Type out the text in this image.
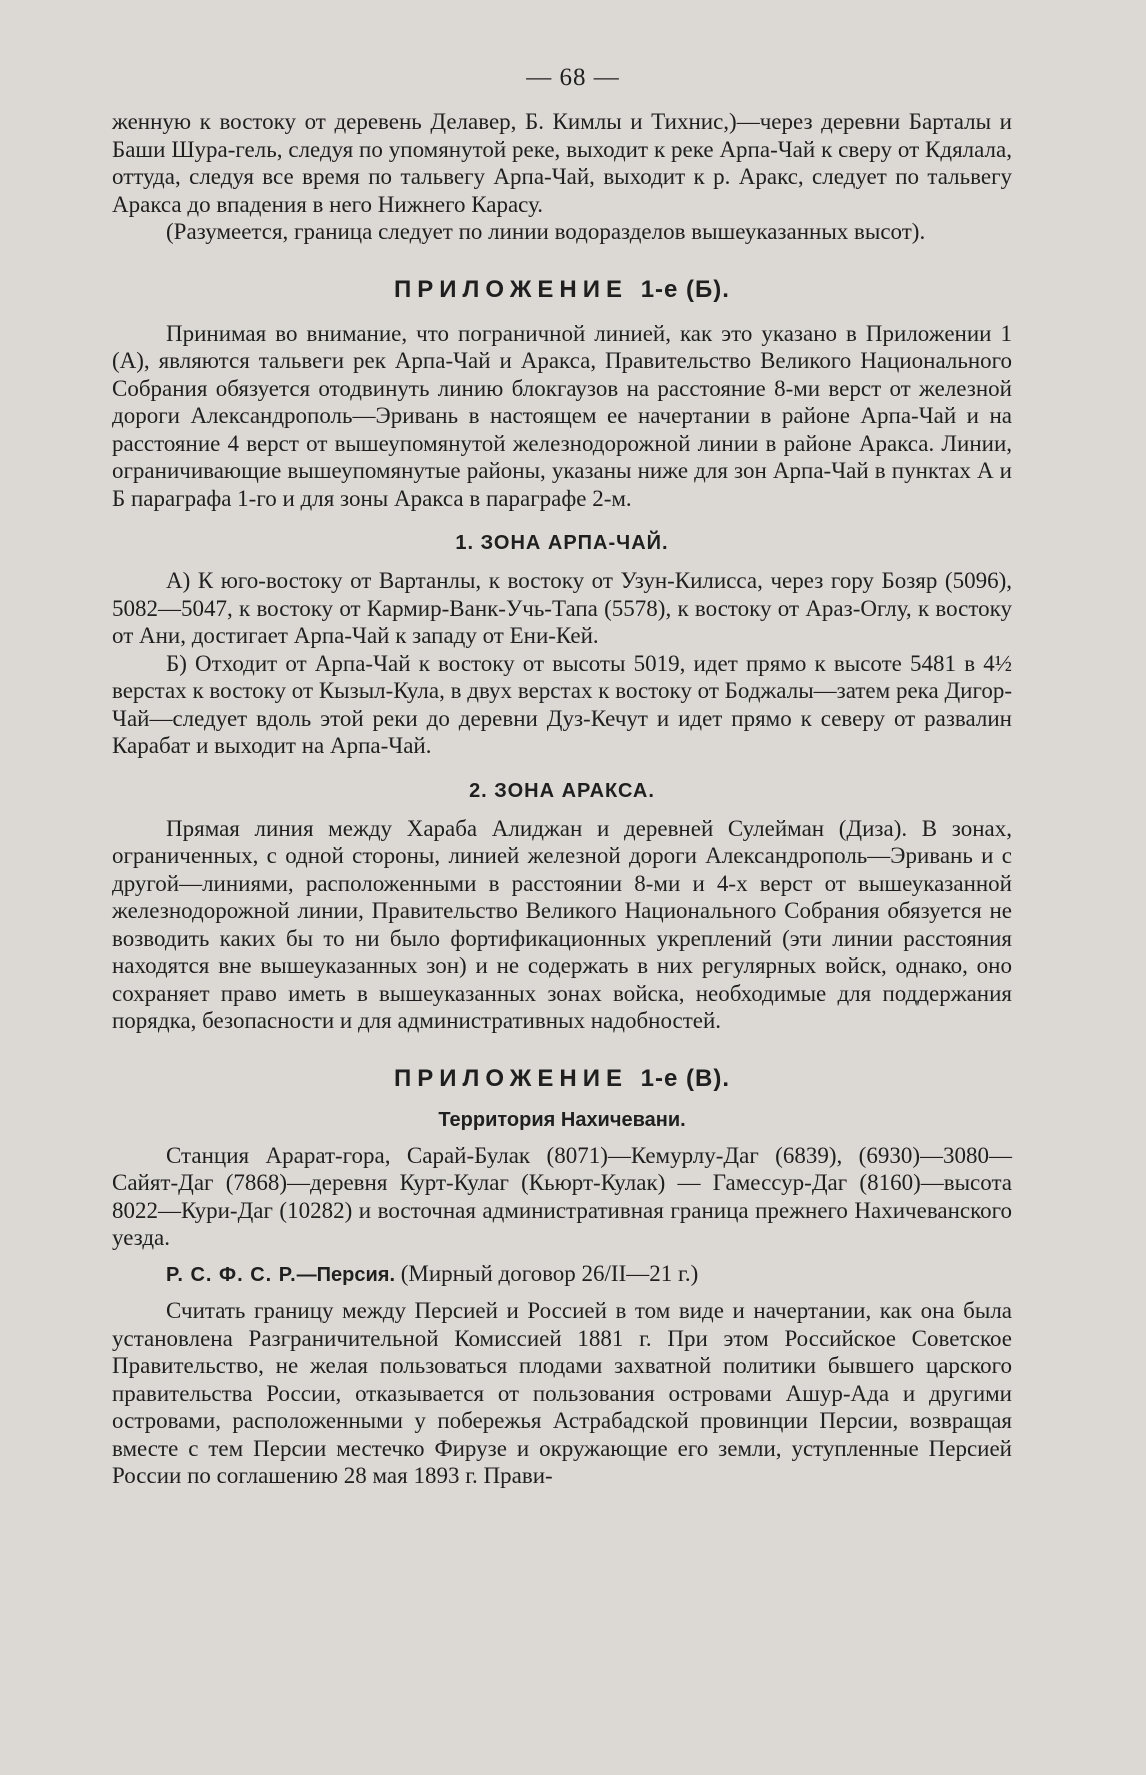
— 68 —

женную к востоку от деревень Делавер, Б. Кимлы и Тихнис,)—через деревни Барталы и Баши Шура-гель, следуя по упомянутой реке, выходит к реке Арпа-Чай к сверу от Кдялала, оттуда, следуя все время по тальвегу Арпа-Чай, выходит к р. Аракс, следует по тальвегу Аракса до впадения в него Нижнего Карасу.

(Разумеется, граница следует по линии водоразделов вышеуказанных высот).

ПРИЛОЖЕНИЕ 1-е (Б).

Принимая во внимание, что пограничной линией, как это указано в Приложении 1 (А), являются тальвеги рек Арпа-Чай и Аракса, Правительство Великого Национального Собрания обязуется отодвинуть линию блокгаузов на расстояние 8-ми верст от железной дороги Александрополь—Эривань в настоящем ее начертании в районе Арпа-Чай и на расстояние 4 верст от вышеупомянутой железнодорожной линии в районе Аракса. Линии, ограничивающие вышеупомянутые районы, указаны ниже для зон Арпа-Чай в пунктах А и Б параграфа 1-го и для зоны Аракса в параграфе 2-м.

1. ЗОНА АРПА-ЧАЙ.

А) К юго-востоку от Вартанлы, к востоку от Узун-Килисса, через гору Бозяр (5096), 5082—5047, к востоку от Кармир-Ванк-Учь-Тапа (5578), к востоку от Араз-Оглу, к востоку от Ани, достигает Арпа-Чай к западу от Ени-Кей.

Б) Отходит от Арпа-Чай к востоку от высоты 5019, идет прямо к высоте 5481 в 4½ верстах к востоку от Кызыл-Кула, в двух верстах к востоку от Боджалы—затем река Дигор-Чай—следует вдоль этой реки до деревни Дуз-Кечут и идет прямо к северу от развалин Карабат и выходит на Арпа-Чай.

2. ЗОНА АРАКСА.

Прямая линия между Хараба Алиджан и деревней Сулейман (Диза). В зонах, ограниченных, с одной стороны, линией железной дороги Александрополь—Эривань и с другой—линиями, расположенными в расстоянии 8-ми и 4-х верст от вышеуказанной железнодорожной линии, Правительство Великого Национального Собрания обязуется не возводить каких бы то ни было фортификационных укреплений (эти линии расстояния находятся вне вышеуказанных зон) и не содержать в них регулярных войск, однако, оно сохраняет право иметь в вышеуказанных зонах войска, необходимые для поддержания порядка, безопасности и для административных надобностей.

ПРИЛОЖЕНИЕ 1-е (В).
Территория Нахичевани.

Станция Арарат-гора, Сарай-Булак (8071)—Кемурлу-Даг (6839), (6930)—3080—Сайят-Даг (7868)—деревня Курт-Кулаг (Кьюрт-Кулак) — Гамессур-Даг (8160)—высота 8022—Кури-Даг (10282) и восточная административная граница прежнего Нахичеванского уезда.

Р. С. Ф. С. Р.—Персия. (Мирный договор 26/II—21 г.)

Считать границу между Персией и Россией в том виде и начертании, как она была установлена Разграничительной Комиссией 1881 г. При этом Российское Советское Правительство, не желая пользоваться плодами захватной политики бывшего царского правительства России, отказывается от пользования островами Ашур-Ада и другими островами, расположенными у побережья Астрабадской провинции Персии, возвращая вместе с тем Персии местечко Фирузе и окружающие его земли, уступленные Персией России по соглашению 28 мая 1893 г. Прави-
